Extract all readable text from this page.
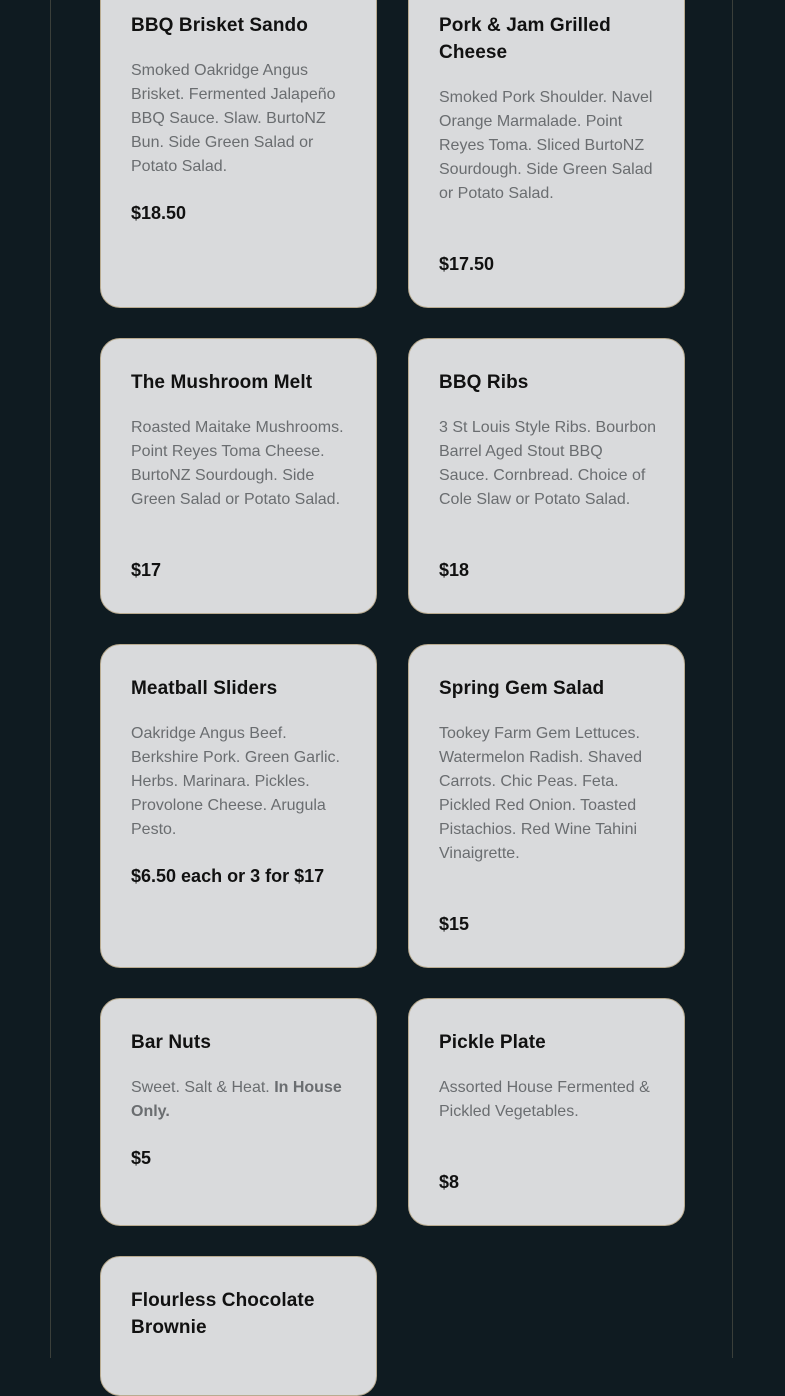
BBQ Brisket Sando

Smoked Oakridge Angus Brisket. Fermented Jalapeño BBQ Sauce. Slaw. BurtoNZ Bun. Side Green Salad or Potato Salad.

$18.50

Pork & Jam Grilled Cheese

Smoked Pork Shoulder. Navel Orange Marmalade. Point Reyes Toma. Sliced BurtoNZ Sourdough. Side Green Salad or Potato Salad.

$17.50

The Mushroom Melt

Roasted Maitake Mushrooms. Point Reyes Toma Cheese. BurtoNZ Sourdough. Side Green Salad or Potato Salad.

$17

BBQ Ribs

3 St Louis Style Ribs. Bourbon Barrel Aged Stout BBQ Sauce. Cornbread. Choice of Cole Slaw or Potato Salad.

$18

Meatball Sliders

Oakridge Angus Beef. Berkshire Pork. Green Garlic. Herbs. Marinara. Pickles. Provolone Cheese. Arugula Pesto.

$6.50 each or 3 for $17

Spring Gem Salad

Tookey Farm Gem Lettuces. Watermelon Radish. Shaved Carrots. Chic Peas. Feta. Pickled Red Onion. Toasted Pistachios. Red Wine Tahini Vinaigrette.

$15

Bar Nuts

Sweet. Salt & Heat. In House Only.

$5

Pickle Plate

Assorted House Fermented & Pickled Vegetables.

$8

Flourless Chocolate Brownie
